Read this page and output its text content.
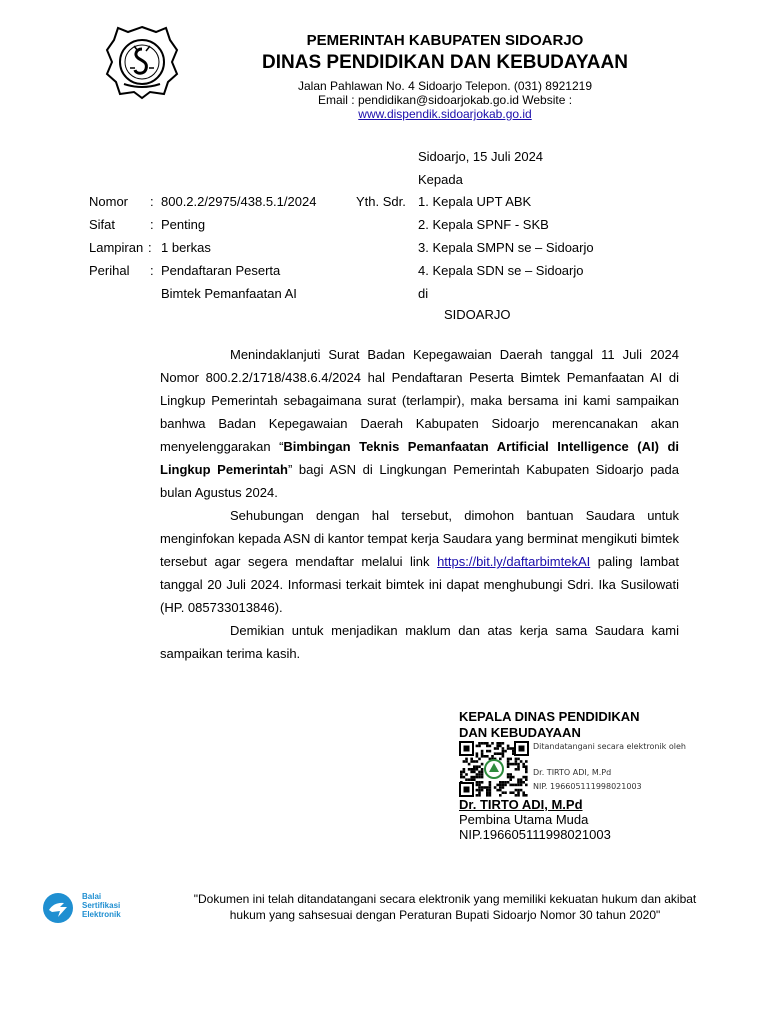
PEMERINTAH KABUPATEN SIDOARJO
DINAS PENDIDIKAN DAN KEBUDAYAAN
Jalan Pahlawan No. 4 Sidoarjo Telepon. (031) 8921219
Email : pendidikan@sidoarjokab.go.id Website :
www.dispendik.sidoarjokab.go.id
Sidoarjo, 15 Juli 2024
Kepada
Nomor : 800.2.2/2975/438.5.1/2024
Sifat	: Penting
Lampiran : 1 berkas
Perihal : Pendaftaran Peserta
Bimtek Pemanfaatan AI
Yth. Sdr. 1. Kepala UPT ABK
2. Kepala SPNF - SKB
3. Kepala SMPN se – Sidoarjo
4. Kepala SDN se – Sidoarjo
di
SIDOARJO

Menindaklanjuti Surat Badan Kepegawaian Daerah tanggal 11 Juli 2024 Nomor 800.2.2/1718/438.6.4/2024 hal Pendaftaran Peserta Bimtek Pemanfaatan AI di Lingkup Pemerintah sebagaimana surat (terlampir), maka bersama ini kami sampaikan banhwa Badan Kepegawaian Daerah Kabupaten Sidoarjo merencanakan akan menyelenggarakan “Bimbingan Teknis Pemanfaatan Artificial Intelligence (AI) di Lingkup Pemerintah” bagi ASN di Lingkungan Pemerintah Kabupaten Sidoarjo pada bulan Agustus 2024.

Sehubungan dengan hal tersebut, dimohon bantuan Saudara untuk menginfokan kepada ASN di kantor tempat kerja Saudara yang berminat mengikuti bimtek tersebut agar segera mendaftar melalui link https://bit.ly/daftarbimtekAI paling lambat tanggal 20 Juli 2024. Informasi terkait bimtek ini dapat menghubungi Sdri. Ika Susilowati (HP. 085733013846).

Demikian untuk menjadikan maklum dan atas kerja sama Saudara kami sampaikan terima kasih.

KEPALA DINAS PENDIDIKAN
DAN KEBUDAYAAN
Ditandatangani secara elektronik oleh
Dr. TIRTO ADI, M.Pd
NIP. 196605111998021003
Dr. TIRTO ADI, M.Pd
Pembina Utama Muda
NIP.196605111998021003
Balai
Sertifikasi
Elektronik
"Dokumen ini telah ditandatangani secara elektronik yang memiliki kekuatan hukum dan akibat
hukum yang sahsesuai dengan Peraturan Bupati Sidoarjo Nomor 30 tahun 2020"
